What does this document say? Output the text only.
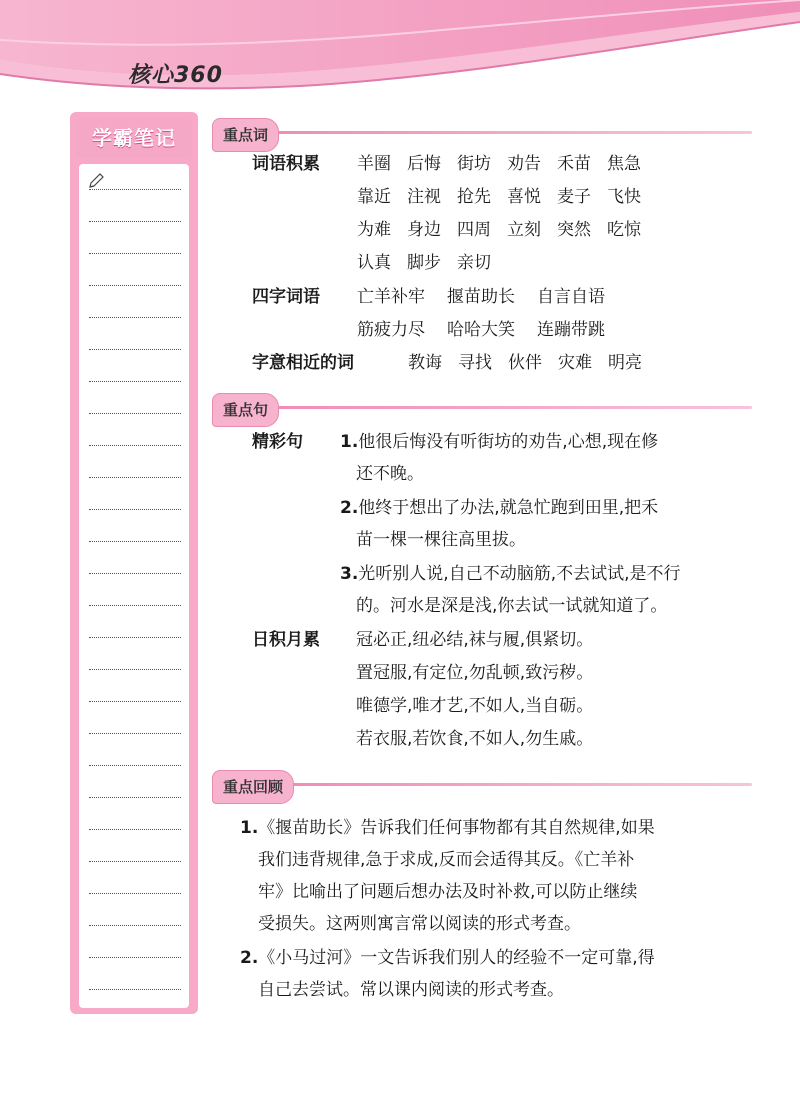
核心360
学霸笔记	重点词
词语积累 羊圈 后悔 街坊 劝告 禾苗 焦急
靠近 注视 抢先 喜悦 麦子 飞快
为难 身边 四周 立刻 突然 吃惊
认真 脚步 亲切
四字词语 亡羊补牢 揠苗助长 自言自语
筋疲力尽 哈哈大笑 连蹦带跳
字意相近的词	教诲 寻找 伙伴 灾难 明亮
重点句
精彩句 1.他很后悔没有听街坊的劝告,心想,现在修
还不晚。
2.他终于想出了办法,就急忙跑到田里,把禾
苗一棵一棵往高里拔。
3.光听别人说,自己不动脑筋,不去试试,是不行
的。河水是深是浅,你去试一试就知道了。
日积月累 冠必正,纽必结,袜与履,俱紧切。
置冠服,有定位,勿乱顿,致污秽。
唯德学,唯才艺,不如人,当自砺。
若衣服,若饮食,不如人,勿生戚。
重点回顾
1.《揠苗助长》告诉我们任何事物都有其自然规律,如果
我们违背规律,急于求成,反而会适得其反。《亡羊补
牢》比喻出了问题后想办法及时补救,可以防止继续
受损失。这两则寓言常以阅读的形式考查。
2.《小马过河》一文告诉我们别人的经验不一定可靠,得
自己去尝试。常以课内阅读的形式考查。
